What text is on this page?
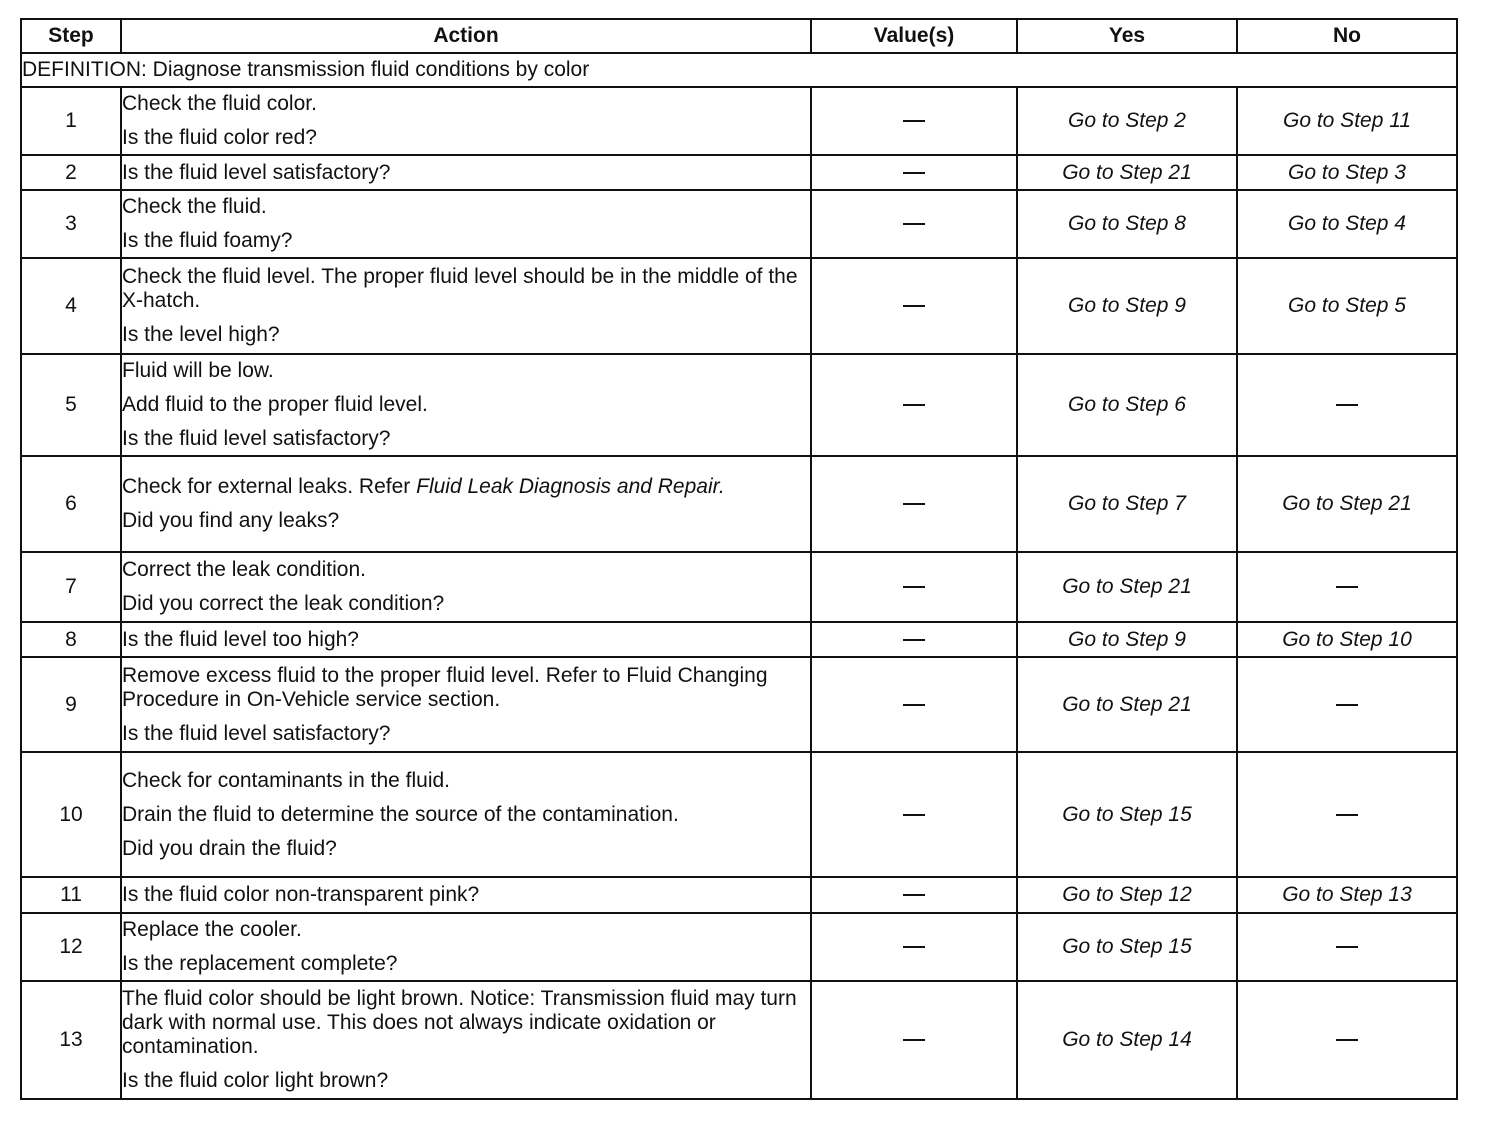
Step	Action	Value(s)	Yes	No
DEFINITION: Diagnose transmission fluid conditions by color				
1	Check the fluid color.
Is the fluid color red?		Go to Step 2	Go to Step 11
2	Is the fluid level satisfactory?		Go to Step 21	Go to Step 3
3	Check the fluid.
Is the fluid foamy?		Go to Step 8	Go to Step 4
4	Check the fluid level. The proper fluid level should be in the middle of the X-hatch.
Is the level high?		Go to Step 9	Go to Step 5
5	Fluid will be low.
Add fluid to the proper fluid level.
Is the fluid level satisfactory?		Go to Step 6	
6	Check for external leaks. Refer Fluid Leak Diagnosis and Repair.
Did you find any leaks?		Go to Step 7	Go to Step 21
7	Correct the leak condition.
Did you correct the leak condition?		Go to Step 21	
8	Is the fluid level too high?		Go to Step 9	Go to Step 10
9	Remove excess fluid to the proper fluid level. Refer to Fluid Changing Procedure in On-Vehicle service section.
Is the fluid level satisfactory?		Go to Step 21	
10	Check for contaminants in the fluid.
Drain the fluid to determine the source of the contamination.
Did you drain the fluid?		Go to Step 15	
11	Is the fluid color non-transparent pink?		Go to Step 12	Go to Step 13
12	Replace the cooler.
Is the replacement complete?		Go to Step 15	
13	The fluid color should be light brown. Notice: Transmission fluid may turn dark with normal use. This does not always indicate oxidation or contamination.
Is the fluid color light brown?		Go to Step 14	
